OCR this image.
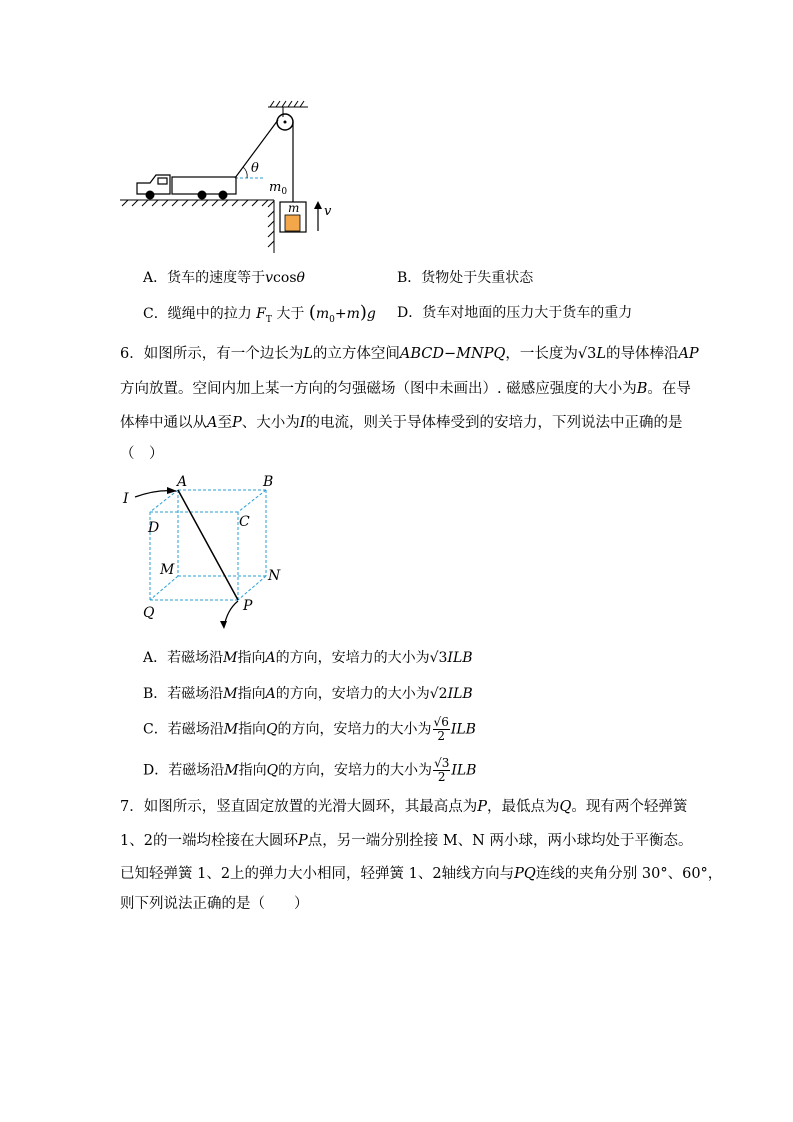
θ
$m_0$
m v
A．货车的速度等于vcosθ	B．货物处于失重状态
C．缆绳中的拉力 $F_T$ 大于 $(m_0+m)g$ D．货车对地面的压力大于货车的重力
6．如图所示，有一个边长为L的立方体空间ABCD−MNPQ，一长度为√3L的导体棒沿AP
方向放置。空间内加上某一方向的匀强磁场（图中未画出）. 磁感应强度的大小为B。在导
体棒中通以从A至P、大小为I的电流，则关于导体棒受到的安培力，下列说法中正确的是
（　）
I
A	B
C
D
M	N
P
Q
A．若磁场沿M指向A的方向，安培力的大小为√3ILB
B．若磁场沿M指向A的方向，安培力的大小为√2ILB
C．若磁场沿M指向Q的方向，安培力的大小为 $\frac{√6}{2}$ ILB
D．若磁场沿M指向Q的方向，安培力的大小为 $\frac{√3}{2}$ ILB
7．如图所示，竖直固定放置的光滑大圆环，其最高点为P，最低点为Q。现有两个轻弹簧
1、2的一端均栓接在大圆环P点，另一端分别拴接 M、N 两小球，两小球均处于平衡态。
已知轻弹簧 1、2上的弹力大小相同，轻弹簧 1、2轴线方向与PQ连线的夹角分别 30°、60°，
则下列说法正确的是（　　）
